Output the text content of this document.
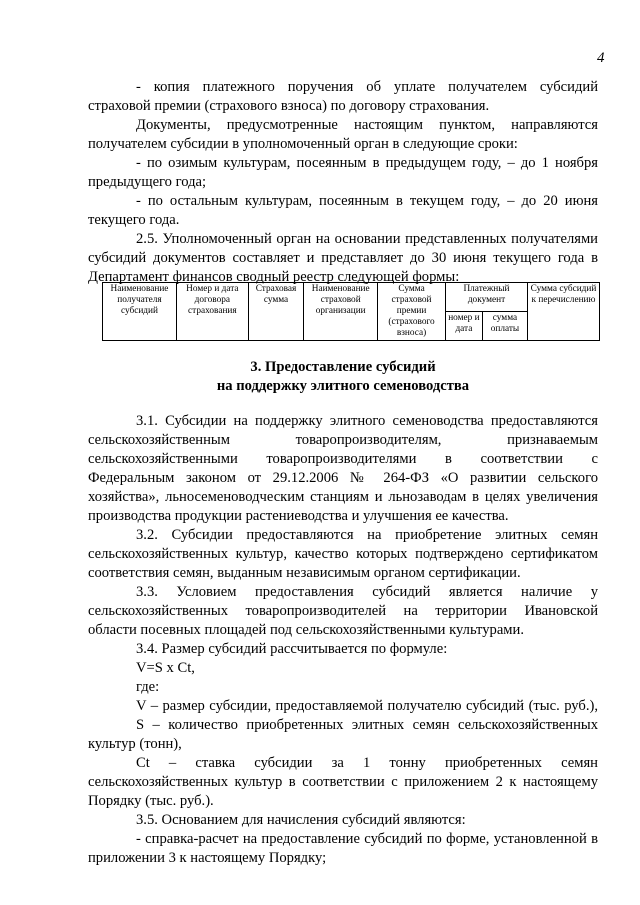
4
- копия платежного поручения об уплате получателем субсидий
страховой премии (страхового взноса) по договору страхования.
Документы, предусмотренные настоящим пунктом, направляются
получателем субсидии в уполномоченный орган в следующие сроки:
- по озимым культурам, посеянным в предыдущем году, – до 1 ноября
предыдущего года;
- по остальным культурам, посеянным в текущем году, – до 20 июня
текущего года.
2.5. Уполномоченный орган на основании представленных получателями
субсидий документов составляет и представляет до 30 июня текущего года в
Департамент финансов сводный реестр следующей формы:
Наименование получателя субсидий	Номер и дата договора страхования	Страховая сумма	Наименование страховой организации	Сумма страховой премии (страхового взноса)	Платежный документ		Сумма субсидий к перечислению
					номер и дата	сумма оплаты	
3. Предоставление субсидий
на поддержку элитного семеноводства
3.1. Субсидии на поддержку элитного семеноводства предоставляются
сельскохозяйственным товаропроизводителям, признаваемым
сельскохозяйственными товаропроизводителями в соответствии с
Федеральным законом от 29.12.2006 № 264-ФЗ «О развитии сельского
хозяйства», льносеменоводческим станциям и льнозаводам в целях увеличения
производства продукции растениеводства и улучшения ее качества.
3.2. Субсидии предоставляются на приобретение элитных семян
сельскохозяйственных культур, качество которых подтверждено сертификатом
соответствия семян, выданным независимым органом сертификации.
3.3. Условием предоставления субсидий является наличие у
сельскохозяйственных товаропроизводителей на территории Ивановской
области посевных площадей под сельскохозяйственными культурами.
3.4. Размер субсидий рассчитывается по формуле:
V=S x Ct,
где:
V – размер субсидии, предоставляемой получателю субсидий (тыс. руб.),
S – количество приобретенных элитных семян сельскохозяйственных
культур (тонн),
Ct – ставка субсидии за 1 тонну приобретенных семян
сельскохозяйственных культур в соответствии с приложением 2 к настоящему
Порядку (тыс. руб.).
3.5. Основанием для начисления субсидий являются:
- справка-расчет на предоставление субсидий по форме, установленной в
приложении 3 к настоящему Порядку;
